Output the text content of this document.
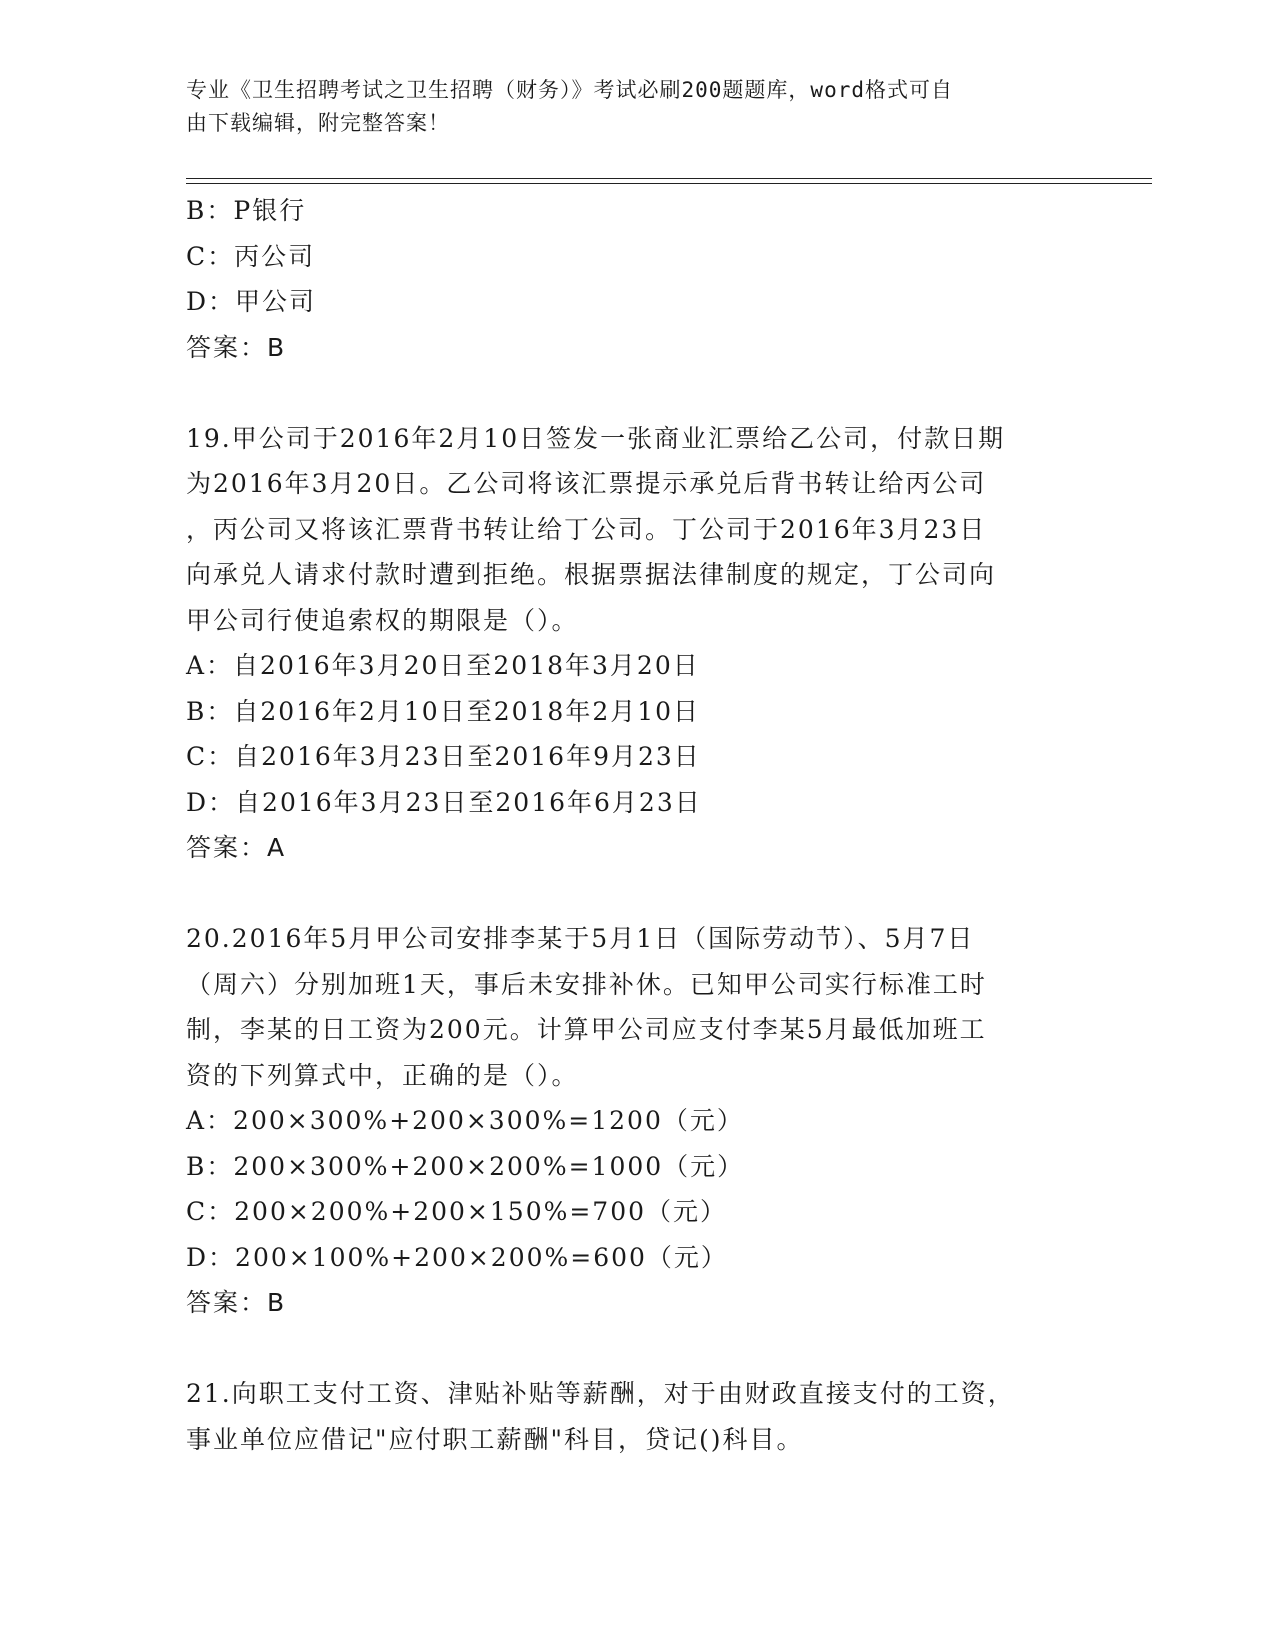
专业《卫生招聘考试之卫生招聘（财务）》考试必刷200题题库，word格式可自
由下载编辑，附完整答案！
B：P银行
C：丙公司
D：甲公司
答案：B
19.甲公司于2016年2月10日签发一张商业汇票给乙公司，付款日期
为2016年3月20日。乙公司将该汇票提示承兑后背书转让给丙公司
，丙公司又将该汇票背书转让给丁公司。丁公司于2016年3月23日
向承兑人请求付款时遭到拒绝。根据票据法律制度的规定，丁公司向
甲公司行使追索权的期限是（）。
A：自2016年3月20日至2018年3月20日
B：自2016年2月10日至2018年2月10日
C：自2016年3月23日至2016年9月23日
D：自2016年3月23日至2016年6月23日
答案：A
20.2016年5月甲公司安排李某于5月1日（国际劳动节）、5月7日
（周六）分别加班1天，事后未安排补休。已知甲公司实行标准工时
制，李某的日工资为200元。计算甲公司应支付李某5月最低加班工
资的下列算式中，正确的是（）。
A：200×300%+200×300%=1200（元）
B：200×300%+200×200%=1000（元）
C：200×200%+200×150%=700（元）
D：200×100%+200×200%=600（元）
答案：B
21.向职工支付工资、津贴补贴等薪酬，对于由财政直接支付的工资，
事业单位应借记"应付职工薪酬"科目，贷记()科目。
